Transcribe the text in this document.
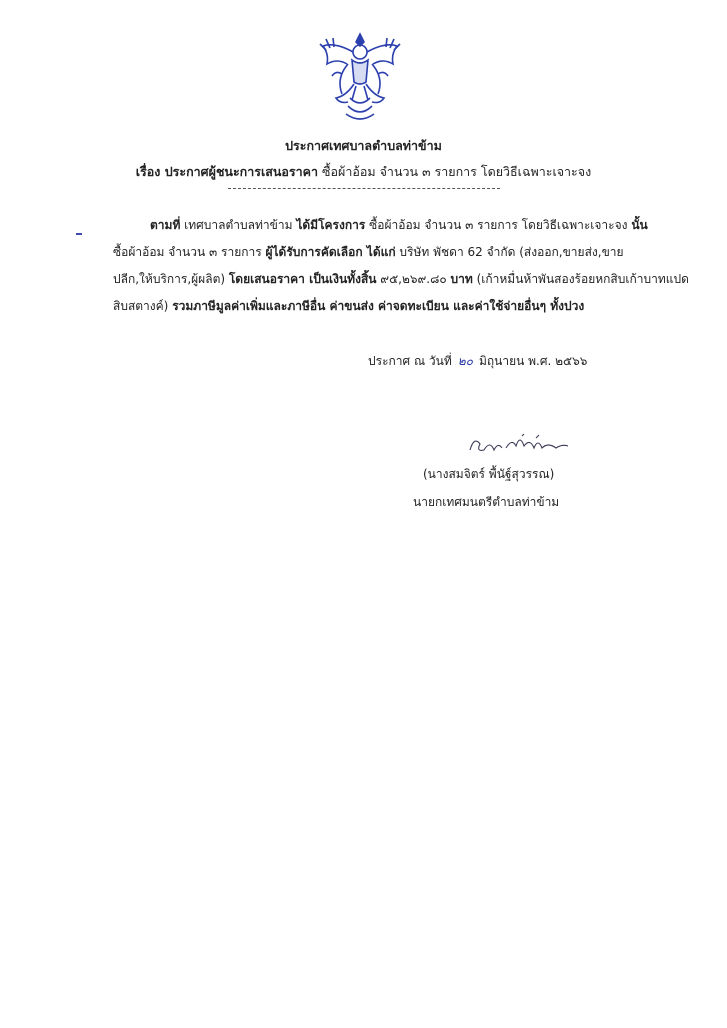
ประกาศเทศบาลตำบลท่าข้าม
เรื่อง ประกาศผู้ชนะการเสนอราคา ซื้อผ้าอ้อม จำนวน ๓ รายการ โดยวิธีเฉพาะเจาะจง
ตามที่ เทศบาลตำบลท่าข้าม ได้มีโครงการ ซื้อผ้าอ้อม จำนวน ๓ รายการ โดยวิธีเฉพาะเจาะจง นั้น
ซื้อผ้าอ้อม จำนวน ๓ รายการ ผู้ได้รับการคัดเลือก ได้แก่ บริษัท พัชดา 62 จำกัด (ส่งออก,ขายส่ง,ขาย
ปลีก,ให้บริการ,ผู้ผลิต) โดยเสนอราคา เป็นเงินทั้งสิ้น ๙๕,๒๖๙.๘๐ บาท (เก้าหมื่นห้าพันสองร้อยหกสิบเก้าบาทแปด
สิบสตางค์) รวมภาษีมูลค่าเพิ่มและภาษีอื่น ค่าขนส่ง ค่าจดทะเบียน และค่าใช้จ่ายอื่นๆ ทั้งปวง
ประกาศ ณ วันที่ ๒๐ มิถุนายน พ.ศ. ๒๕๖๖
(นางสมจิตร์ พื้นัฐ์สุวรรณ)
นายกเทศมนตรีตำบลท่าข้าม
